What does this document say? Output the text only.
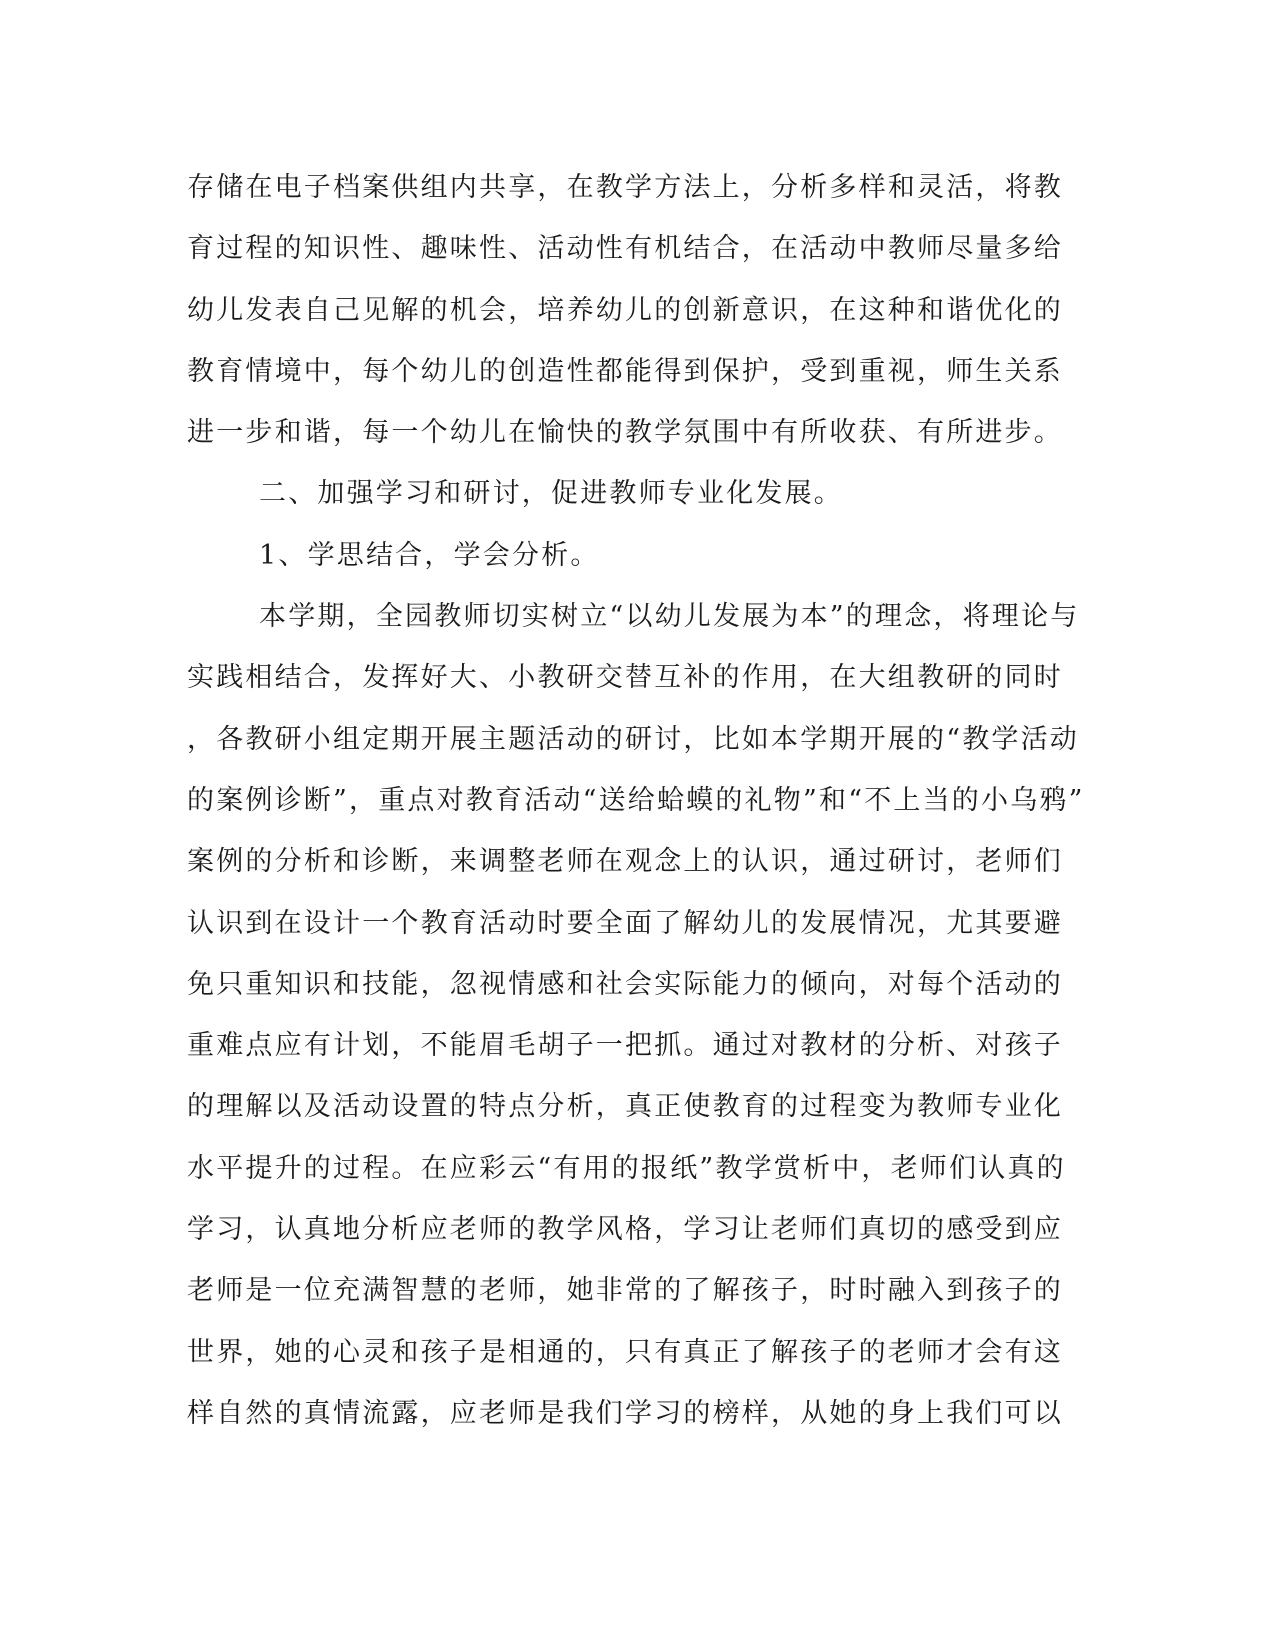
存储在电子档案供组内共享，在教学方法上，分析多样和灵活，将教
育过程的知识性、趣味性、活动性有机结合，在活动中教师尽量多给
幼儿发表自己见解的机会，培养幼儿的创新意识，在这种和谐优化的
教育情境中，每个幼儿的创造性都能得到保护，受到重视，师生关系
进一步和谐，每一个幼儿在愉快的教学氛围中有所收获、有所进步。
二、加强学习和研讨，促进教师专业化发展。
1、学思结合，学会分析。
本学期，全园教师切实树立“以幼儿发展为本”的理念，将理论与
实践相结合，发挥好大、小教研交替互补的作用，在大组教研的同时
，各教研小组定期开展主题活动的研讨，比如本学期开展的“教学活动
的案例诊断”，重点对教育活动“送给蛤蟆的礼物”和“不上当的小乌鸦”
案例的分析和诊断，来调整老师在观念上的认识，通过研讨，老师们
认识到在设计一个教育活动时要全面了解幼儿的发展情况，尤其要避
免只重知识和技能，忽视情感和社会实际能力的倾向，对每个活动的
重难点应有计划，不能眉毛胡子一把抓。通过对教材的分析、对孩子
的理解以及活动设置的特点分析，真正使教育的过程变为教师专业化
水平提升的过程。在应彩云“有用的报纸”教学赏析中，老师们认真的
学习，认真地分析应老师的教学风格，学习让老师们真切的感受到应
老师是一位充满智慧的老师，她非常的了解孩子，时时融入到孩子的
世界，她的心灵和孩子是相通的，只有真正了解孩子的老师才会有这
样自然的真情流露，应老师是我们学习的榜样，从她的身上我们可以
